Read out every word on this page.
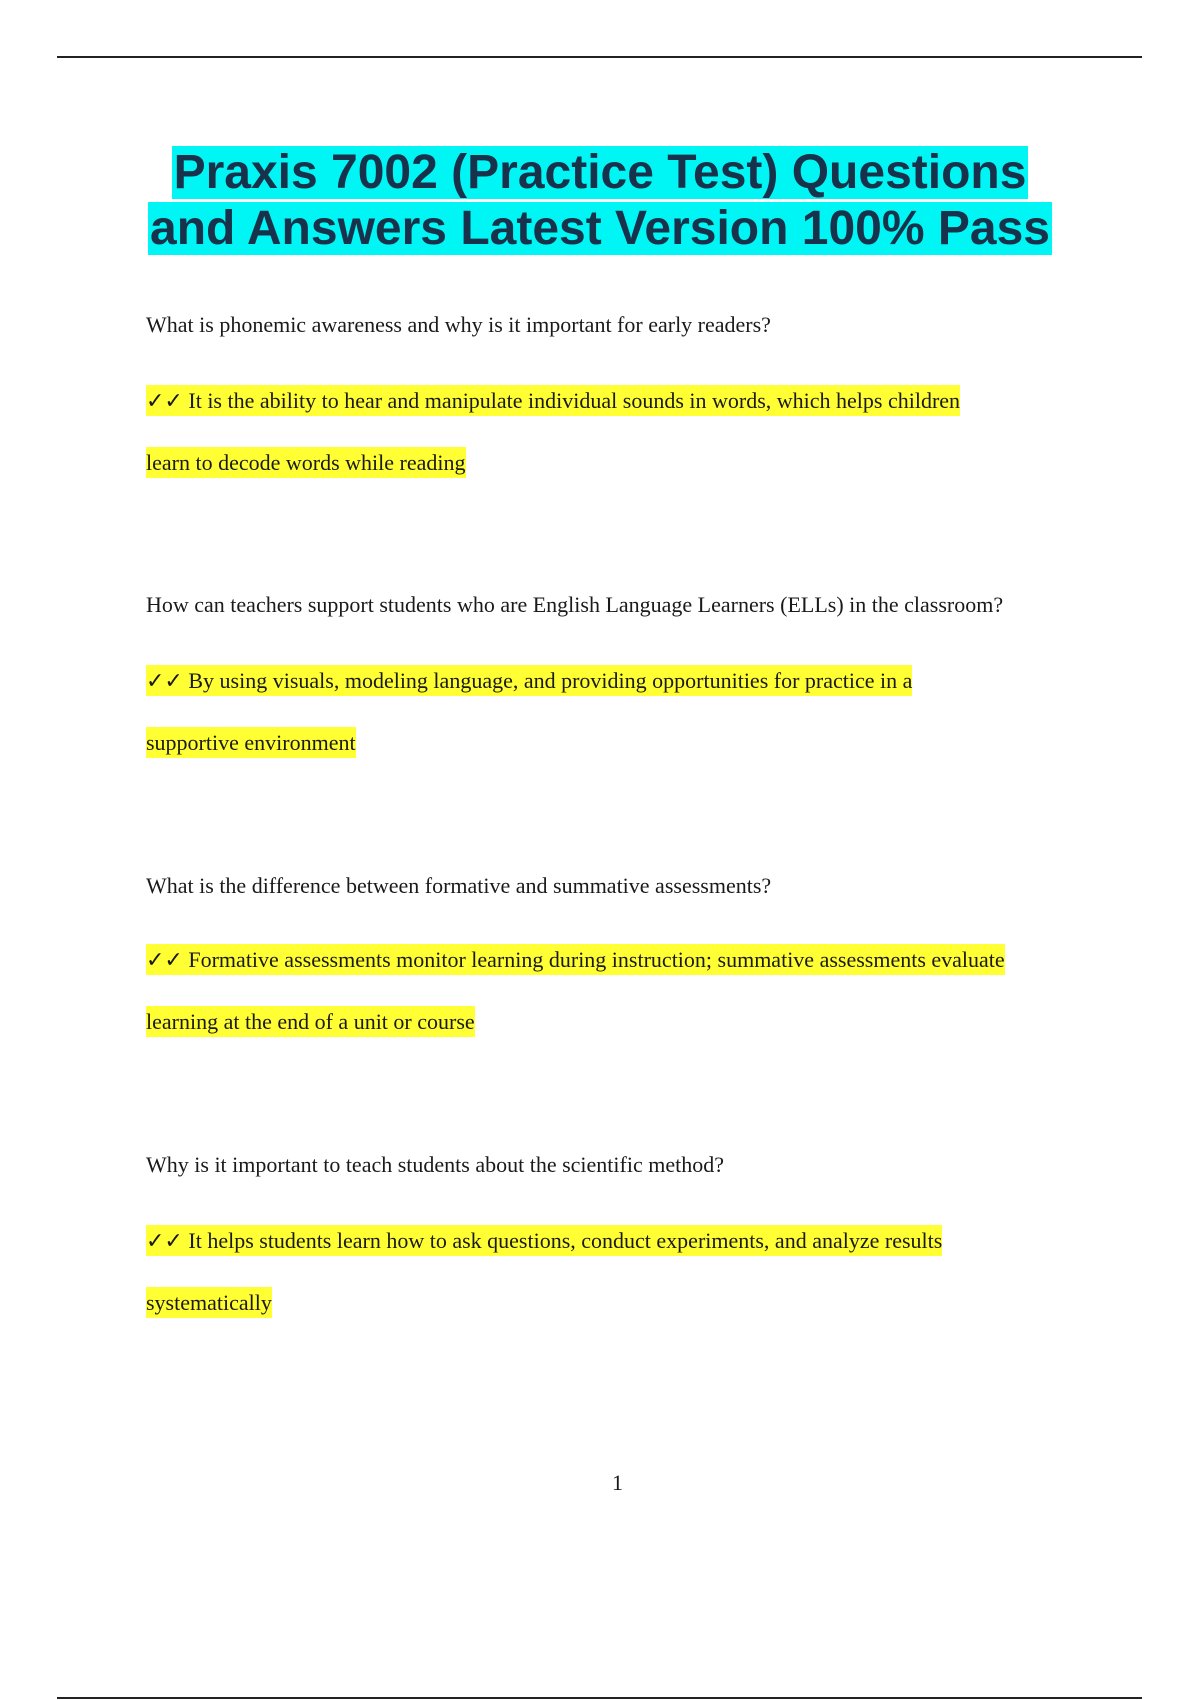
Praxis 7002 (Practice Test) Questions
and Answers Latest Version 100% Pass
What is phonemic awareness and why is it important for early readers?
✓✓ It is the ability to hear and manipulate individual sounds in words, which helps children
learn to decode words while reading
How can teachers support students who are English Language Learners (ELLs) in the classroom?
✓✓ By using visuals, modeling language, and providing opportunities for practice in a
supportive environment
What is the difference between formative and summative assessments?
✓✓ Formative assessments monitor learning during instruction; summative assessments evaluate
learning at the end of a unit or course
Why is it important to teach students about the scientific method?
✓✓ It helps students learn how to ask questions, conduct experiments, and analyze results
systematically
1
